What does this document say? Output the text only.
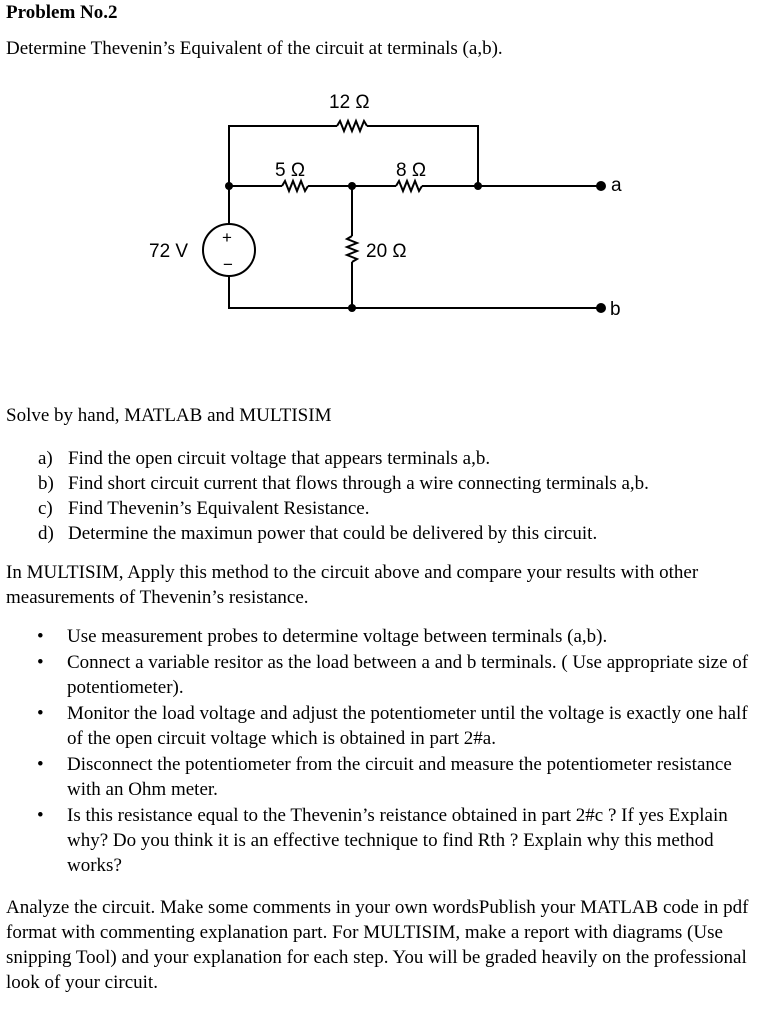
Problem No.2
Determine Thevenin’s Equivalent of the circuit at terminals (a,b).
12 Ω
5 Ω	8 Ω
20 Ω
72 V
+
−
a
b
Solve by hand, MATLAB and MULTISIM
a) Find the open circuit voltage that appears terminals a,b.
b) Find short circuit current that flows through a wire connecting terminals a,b.
c) Find Thevenin’s Equivalent Resistance.
d) Determine the maximun power that could be delivered by this circuit.
In MULTISIM, Apply this method to the circuit above and compare your results with other measurements of Thevenin’s resistance.
• Use measurement probes to determine voltage between terminals (a,b).
• Connect a variable resitor as the load between a and b terminals. ( Use appropriate size of
potentiometer).
• Monitor the load voltage and adjust the potentiometer until the voltage is exactly one half
of the open circuit voltage which is obtained in part 2#a.
• Disconnect the potentiometer from the circuit and measure the potentiometer resistance
with an Ohm meter.
• Is this resistance equal to the Thevenin’s reistance obtained in part 2#c ? If yes Explain
why? Do you think it is an effective technique to find Rth ? Explain why this method
works?
Analyze the circuit. Make some comments in your own wordsPublish your MATLAB code in pdf format with commenting explanation part. For MULTISIM, make a report with diagrams (Use snipping Tool) and your explanation for each step. You will be graded heavily on the professional look of your circuit.
